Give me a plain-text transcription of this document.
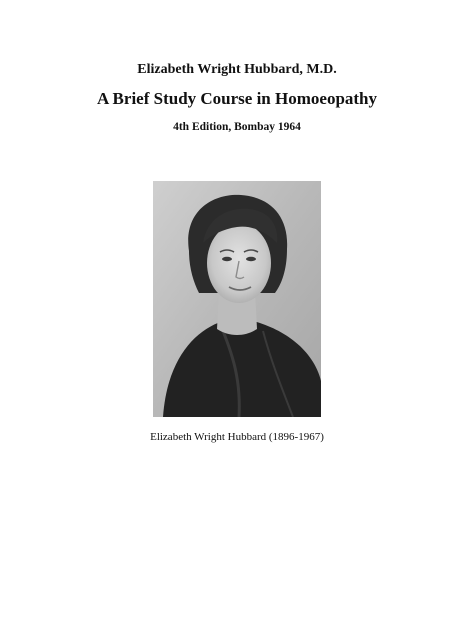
Elizabeth Wright Hubbard, M.D.
A Brief Study Course in Homoeopathy
4th Edition, Bombay 1964
Elizabeth Wright Hubbard (1896-1967)
